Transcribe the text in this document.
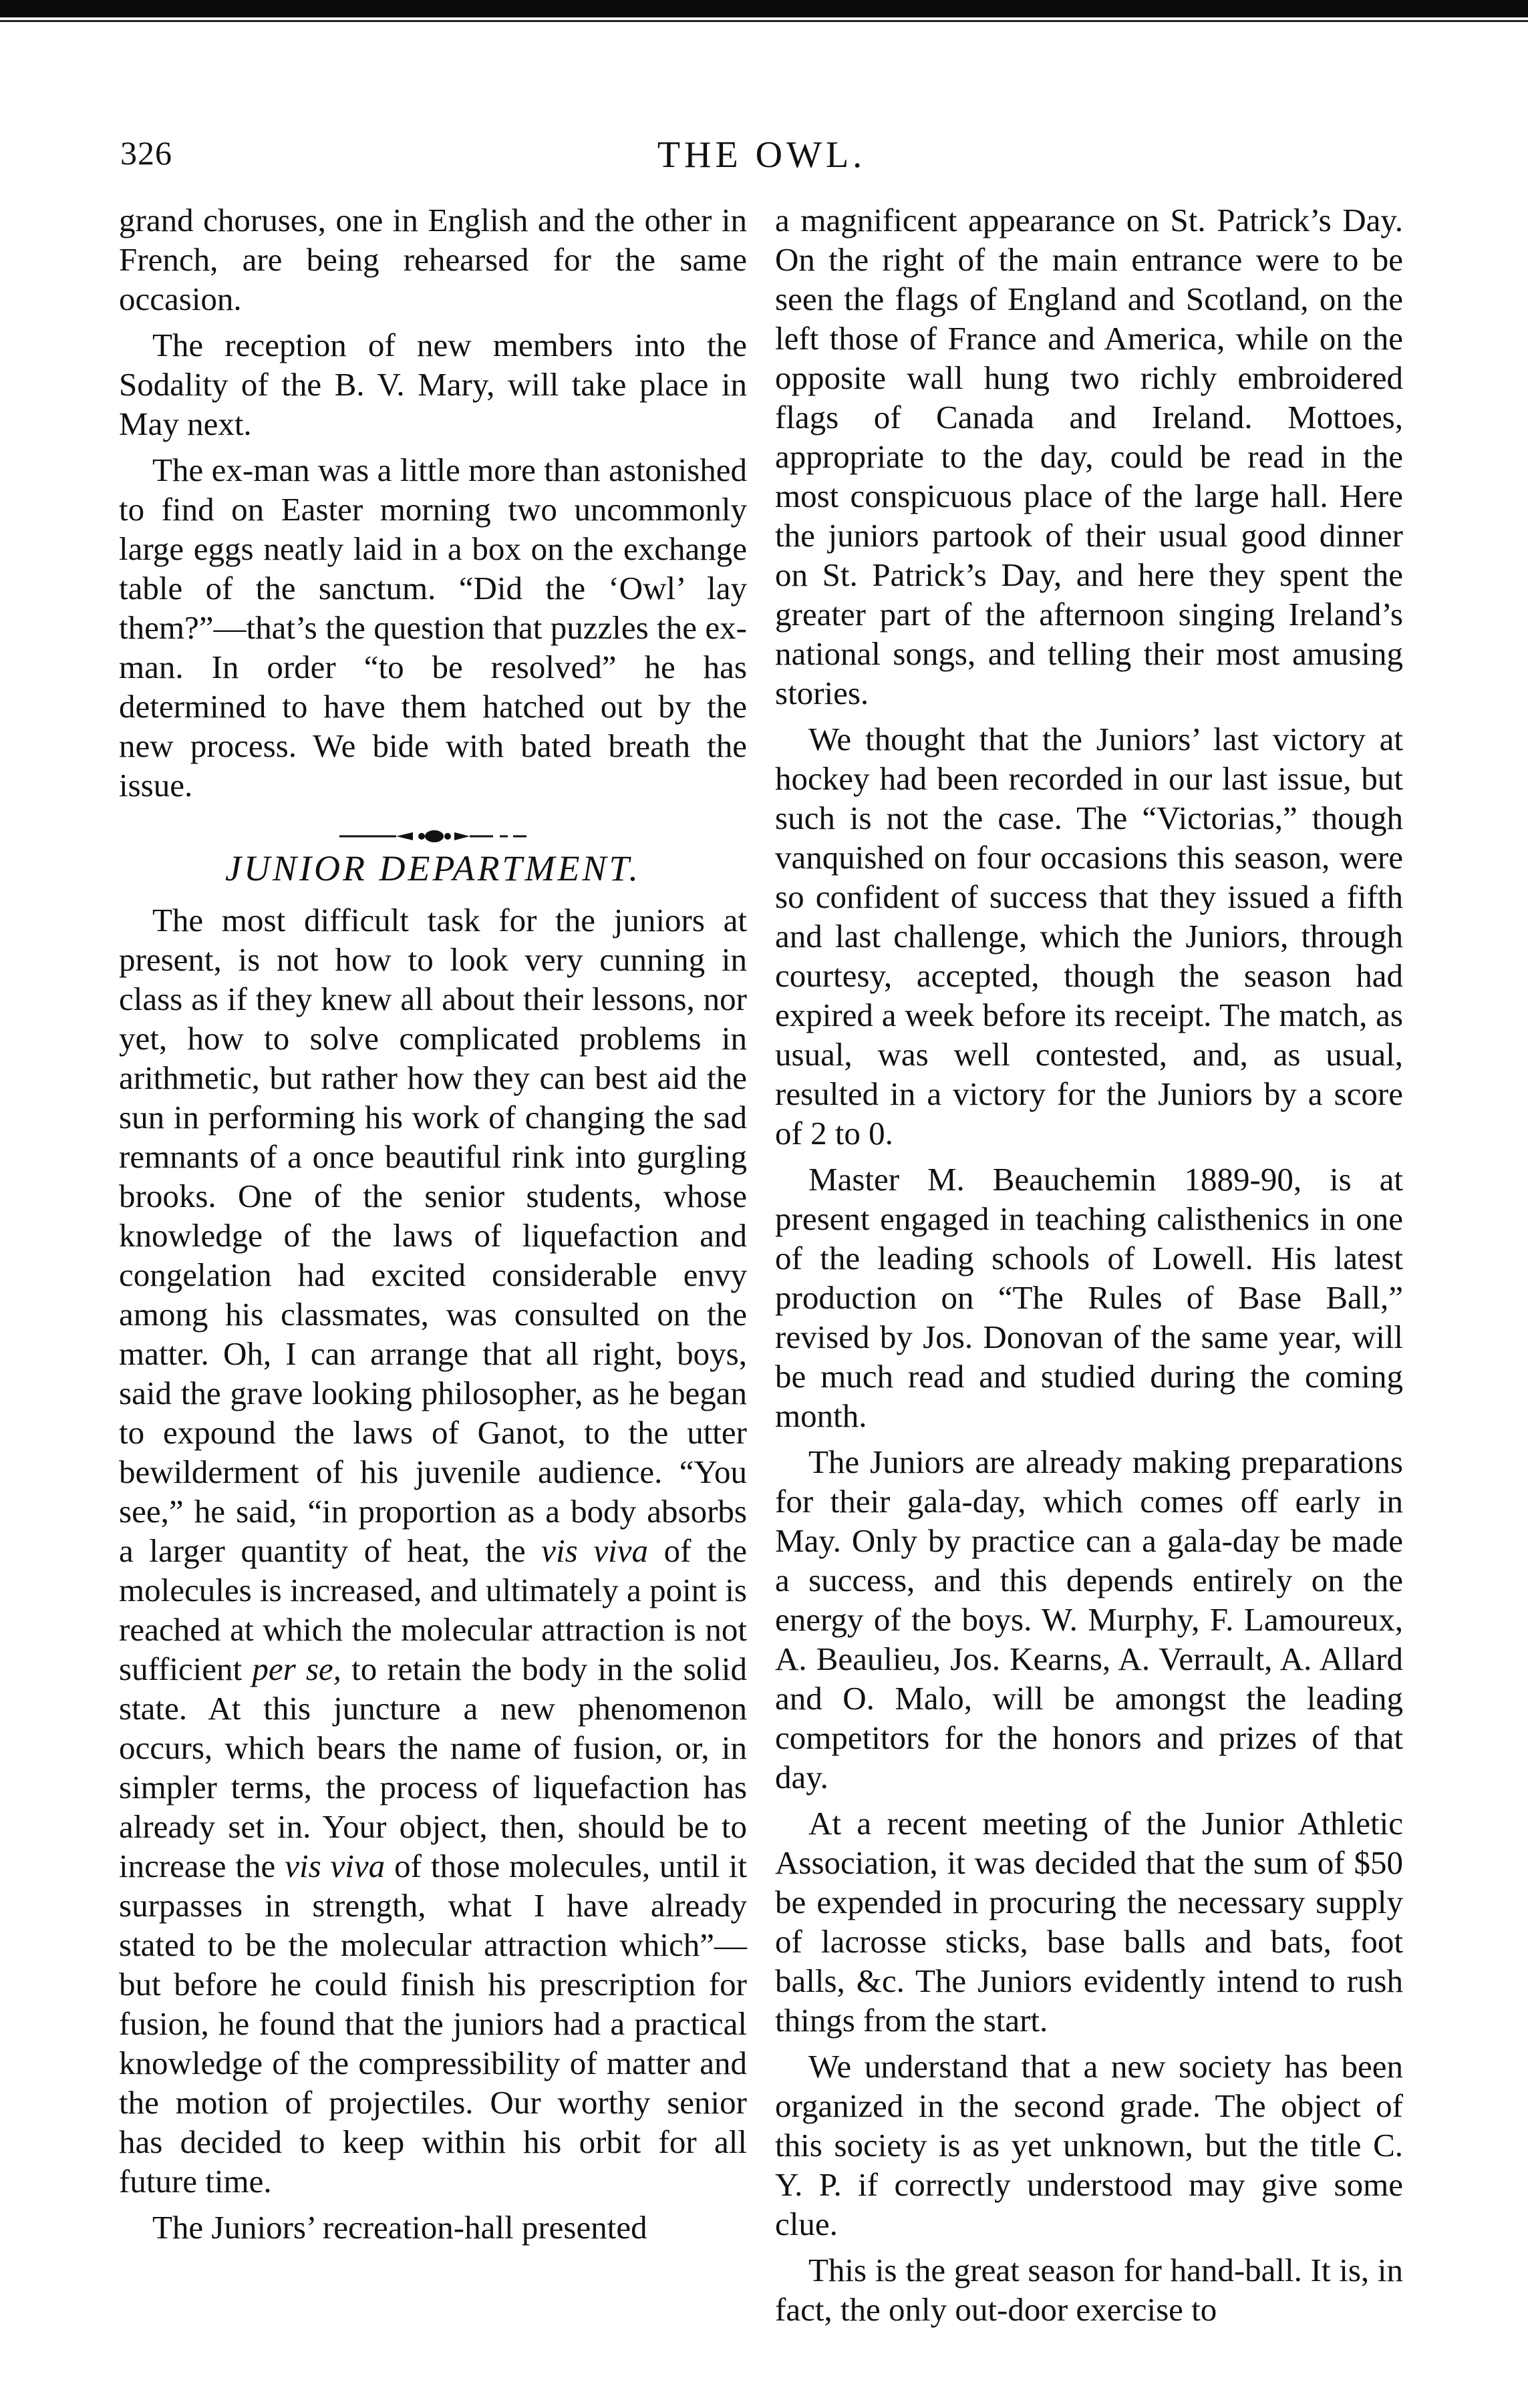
326	THE OWL.

grand choruses, one in English and the other in French, are being rehearsed for the same occasion.

The reception of new members into the Sodality of the B. V. Mary, will take place in May next.

The ex-man was a little more than astonished to find on Easter morning two uncommonly large eggs neatly laid in a box on the exchange table of the sanctum. “Did the ‘Owl’ lay them?”—that’s the question that puzzles the ex-man. In order “to be resolved” he has determined to have them hatched out by the new process. We bide with bated breath the issue.

JUNIOR DEPARTMENT.

The most difficult task for the juniors at present, is not how to look very cunning in class as if they knew all about their lessons, nor yet, how to solve complicated problems in arithmetic, but rather how they can best aid the sun in performing his work of changing the sad remnants of a once beautiful rink into gurgling brooks. One of the senior students, whose knowledge of the laws of liquefaction and congelation had excited considerable envy among his classmates, was consulted on the matter. Oh, I can arrange that all right, boys, said the grave looking philosopher, as he began to expound the laws of Ganot, to the utter bewilderment of his juvenile audience. “You see,” he said, “in proportion as a body absorbs a larger quantity of heat, the vis viva of the molecules is increased, and ultimately a point is reached at which the molecular attraction is not sufficient per se, to retain the body in the solid state. At this juncture a new phenomenon occurs, which bears the name of fusion, or, in simpler terms, the process of liquefaction has already set in. Your object, then, should be to increase the vis viva of those molecules, until it surpasses in strength, what I have already stated to be the molecular attraction which”—but before he could finish his prescription for fusion, he found that the juniors had a practical knowledge of the compressibility of matter and the motion of projectiles. Our worthy senior has decided to keep within his orbit for all future time.

The Juniors’ recreation-hall presented

a magnificent appearance on St. Patrick’s Day. On the right of the main entrance were to be seen the flags of England and Scotland, on the left those of France and America, while on the opposite wall hung two richly embroidered flags of Canada and Ireland. Mottoes, appropriate to the day, could be read in the most conspicuous place of the large hall. Here the juniors partook of their usual good dinner on St. Patrick’s Day, and here they spent the greater part of the afternoon singing Ireland’s national songs, and telling their most amusing stories.

We thought that the Juniors’ last victory at hockey had been recorded in our last issue, but such is not the case. The “Victorias,” though vanquished on four occasions this season, were so confident of success that they issued a fifth and last challenge, which the Juniors, through courtesy, accepted, though the season had expired a week before its receipt. The match, as usual, was well contested, and, as usual, resulted in a victory for the Juniors by a score of 2 to 0.

Master M. Beauchemin 1889-90, is at present engaged in teaching calisthenics in one of the leading schools of Lowell. His latest production on “The Rules of Base Ball,” revised by Jos. Donovan of the same year, will be much read and studied during the coming month.

The Juniors are already making preparations for their gala-day, which comes off early in May. Only by practice can a gala-day be made a success, and this depends entirely on the energy of the boys. W. Murphy, F. Lamoureux, A. Beaulieu, Jos. Kearns, A. Verrault, A. Allard and O. Malo, will be amongst the leading competitors for the honors and prizes of that day.

At a recent meeting of the Junior Athletic Association, it was decided that the sum of $50 be expended in procuring the necessary supply of lacrosse sticks, base balls and bats, foot balls, &c. The Juniors evidently intend to rush things from the start.

We understand that a new society has been organized in the second grade. The object of this society is as yet unknown, but the title C. Y. P. if correctly understood may give some clue.

This is the great season for hand-ball. It is, in fact, the only out-door exercise to
